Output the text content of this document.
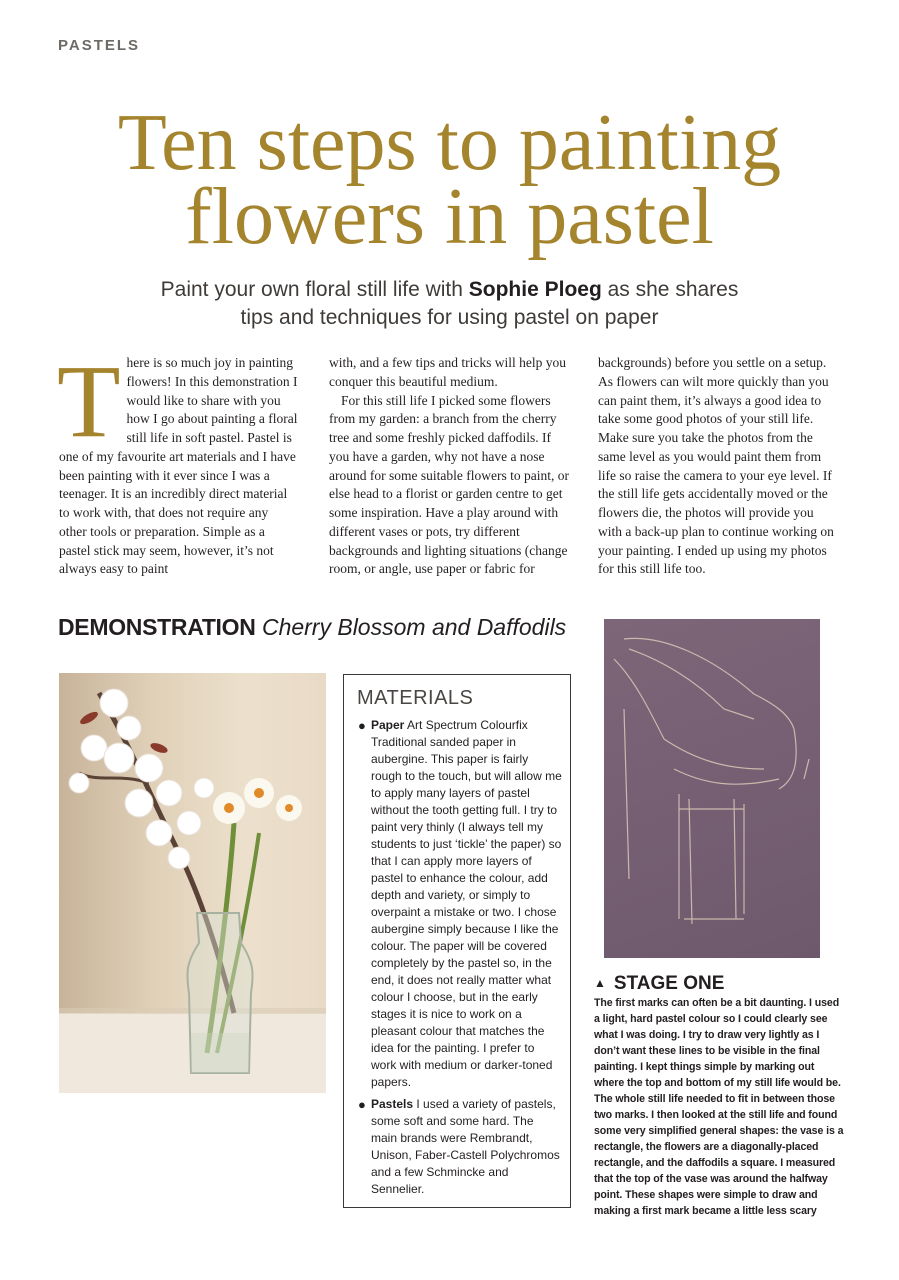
PASTELS
Ten steps to painting
flowers in pastel
Paint your own floral still life with Sophie Ploeg as she shares
tips and techniques for using pastel on paper

There is so much joy in painting flowers! In this demonstration I would like to share with you how I go about painting a floral still life in soft pastel. Pastel is one of my favourite art materials and I have been painting with it ever since I was a teenager. It is an incredibly direct material to work with, that does not require any other tools or preparation. Simple as a pastel stick may seem, however, it’s not always easy to paint

with, and a few tips and tricks will help you conquer this beautiful medium.

For this still life I picked some flowers from my garden: a branch from the cherry tree and some freshly picked daffodils. If you have a garden, why not have a nose around for some suitable flowers to paint, or else head to a florist or garden centre to get some inspiration. Have a play around with different vases or pots, try different backgrounds and lighting situations (change room, or angle, use paper or fabric for

backgrounds) before you settle on a setup. As flowers can wilt more quickly than you can paint them, it’s always a good idea to take some good photos of your still life. Make sure you take the photos from the same level as you would paint them from life so raise the camera to your eye level. If the still life gets accidentally moved or the flowers die, the photos will provide you with a back-up plan to continue working on your painting. I ended up using my photos for this still life too.

DEMONSTRATION Cherry Blossom and Daffodils
MATERIALS
● Paper Art Spectrum Colourfix Traditional sanded paper in aubergine. This paper is fairly rough to the touch, but will allow me to apply many layers of pastel without the tooth getting full. I try to paint very thinly (I always tell my students to just ‘tickle’ the paper) so that I can apply more layers of pastel to enhance the colour, add depth and variety, or simply to overpaint a mistake or two. I chose aubergine simply because I like the colour. The paper will be covered completely by the pastel so, in the end, it does not really matter what colour I choose, but in the early stages it is nice to work on a pleasant colour that matches the idea for the painting. I prefer to work with medium or darker-toned papers.
● Pastels I used a variety of pastels, some soft and some hard. The main brands were Rembrandt, Unison, Faber-Castell Polychromos and a few Schmincke and Sennelier.
▲ STAGE ONE
The first marks can often be a bit daunting. I used a light, hard pastel colour so I could clearly see what I was doing. I try to draw very lightly as I don’t want these lines to be visible in the final painting. I kept things simple by marking out where the top and bottom of my still life would be. The whole still life needed to fit in between those two marks. I then looked at the still life and found some very simplified general shapes: the vase is a rectangle, the flowers are a diagonally-placed rectangle, and the daffodils a square. I measured that the top of the vase was around the halfway point. These shapes were simple to draw and making a first mark became a little less scary
